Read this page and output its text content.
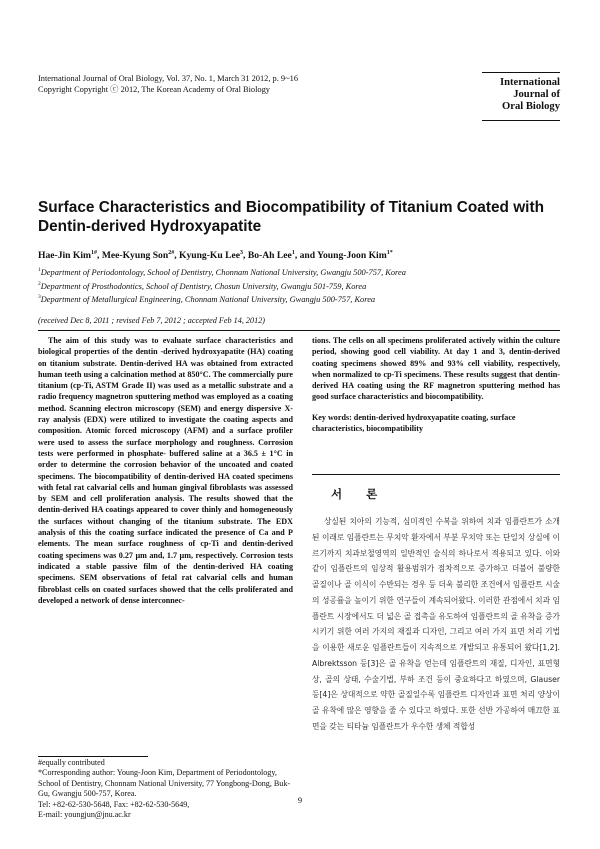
International Journal of Oral Biology, Vol. 37, No. 1, March 31 2012, p. 9~16
Copyright Copyright ⓒ 2012, The Korean Academy of Oral Biology
International
Journal of
Oral Biology
Surface Characteristics and Biocompatibility of Titanium Coated with Dentin-derived Hydroxyapatite
Hae-Jin Kim$^{1\#}$, Mee-Kyung Son$^{2\#}$, Kyung-Ku Lee$^3$, Bo-Ah Lee$^1$, and Young-Joon Kim$^{1*}$
$^1$Department of Periodontology, School of Dentistry, Chonnam National University, Gwangju 500-757, Korea
$^2$Department of Prosthodontics, School of Dentistry, Chosun University, Gwangju 501-759, Korea
$^3$Department of Metallurgical Engineering, Chonnam National University, Gwangju 500-757, Korea
(received Dec 8, 2011 ; revised Feb 7, 2012 ; accepted Feb 14, 2012)

The aim of this study was to evaluate surface characteristics and biological properties of the dentin -derived hydroxyapatite (HA) coating on titanium substrate. Dentin-derived HA was obtained from extracted human teeth using a calcination method at 850°C. The commercially pure titanium (cp-Ti, ASTM Grade II) was used as a metallic substrate and a radio frequency magnetron sputtering method was employed as a coating method. Scanning electron microscopy (SEM) and energy dispersive X-ray analysis (EDX) were utilized to investigate the coating aspects and composition. Atomic forced microscopy (AFM) and a surface profiler were used to assess the surface morphology and roughness. Corrosion tests were performed in phosphate- buffered saline at a 36.5 ± 1°C in order to determine the corrosion behavior of the uncoated and coated specimens. The biocompatibility of dentin-derived HA coated specimens with fetal rat calvarial cells and human gingival fibroblasts was assessed by SEM and cell proliferation analysis. The results showed that the dentin-derived HA coatings appeared to cover thinly and homogeneously the surfaces without changing of the titanium substrate. The EDX analysis of this the coating surface indicated the presence of Ca and P elements. The mean surface roughness of cp-Ti and dentin-derived coating specimens was 0.27 µm and, 1.7 µm, respectively. Corrosion tests indicated a stable passive film of the dentin-derived HA coating specimens. SEM observations of fetal rat calvarial cells and human fibroblast cells on coated surfaces showed that the cells proliferated and developed a network of dense interconnec-

tions. The cells on all specimens proliferated actively within the culture period, showing good cell viability. At day 1 and 3, dentin-derived coating specimens showed 89% and 93% cell viability, respectively, when normalized to cp-Ti specimens. These results suggest that dentin-derived HA coating using the RF magnetron sputtering method has good surface characteristics and biocompatibility.

Key words: dentin-derived hydroxyapatite coating, surface characteristics, biocompatibility
서 론

상실된 치아의 기능적, 심미적인 수복을 위하여 치과 임플란트가 소개된 이래로 임플란트는 무치악 환자에서 부분 무치악 또는 단일치 상실에 이르기까지 치과보철영역의 일반적인 술식의 하나로서 적용되고 있다. 이와 같이 임플란트의 임상적 활용범위가 점차적으로 증가하고 더불어 불량한 골질이나 골 이식이 수반되는 경우 등 더욱 불리한 조건에서 임플란트 시술의 성공률을 높이기 위한 연구들이 계속되어왔다. 이러한 관점에서 치과 임플란트 시장에서도 더 넓은 골 접촉을 유도하여 임플란트의 골 유착을 증가시키기 위한 여러 가지의 재질과 디자인, 그리고 여러 가지 표면 처리 기법을 이용한 새로운 임플란트들이 지속적으로 개발되고 유통되어 왔다[1,2]. Albrektsson 등[3]은 골 유착을 얻는데 임플란트의 재질, 디자인, 표면형상, 골의 상태, 수술기법, 부하 조건 등이 중요하다고 하였으며, Glauser 등[4]은 상대적으로 약한 골질일수록 임플란트 디자인과 표면 처리 양상이 골 유착에 많은 영향을 줄 수 있다고 하였다. 또한 선반 가공하여 매끄한 표면을 갖는 티타늄 임플란트가 우수한 생체 적합성

#equally contributed
*Corresponding author: Young-Joon Kim, Department of Periodontology, School of Dentistry, Chonnam National University, 77 Yongbong-Dong, Buk-Gu, Gwangju 500-757, Korea.
Tel: +82-62-530-5648, Fax: +82-62-530-5649,
E-mail: youngjun@jnu.ac.kr
9
